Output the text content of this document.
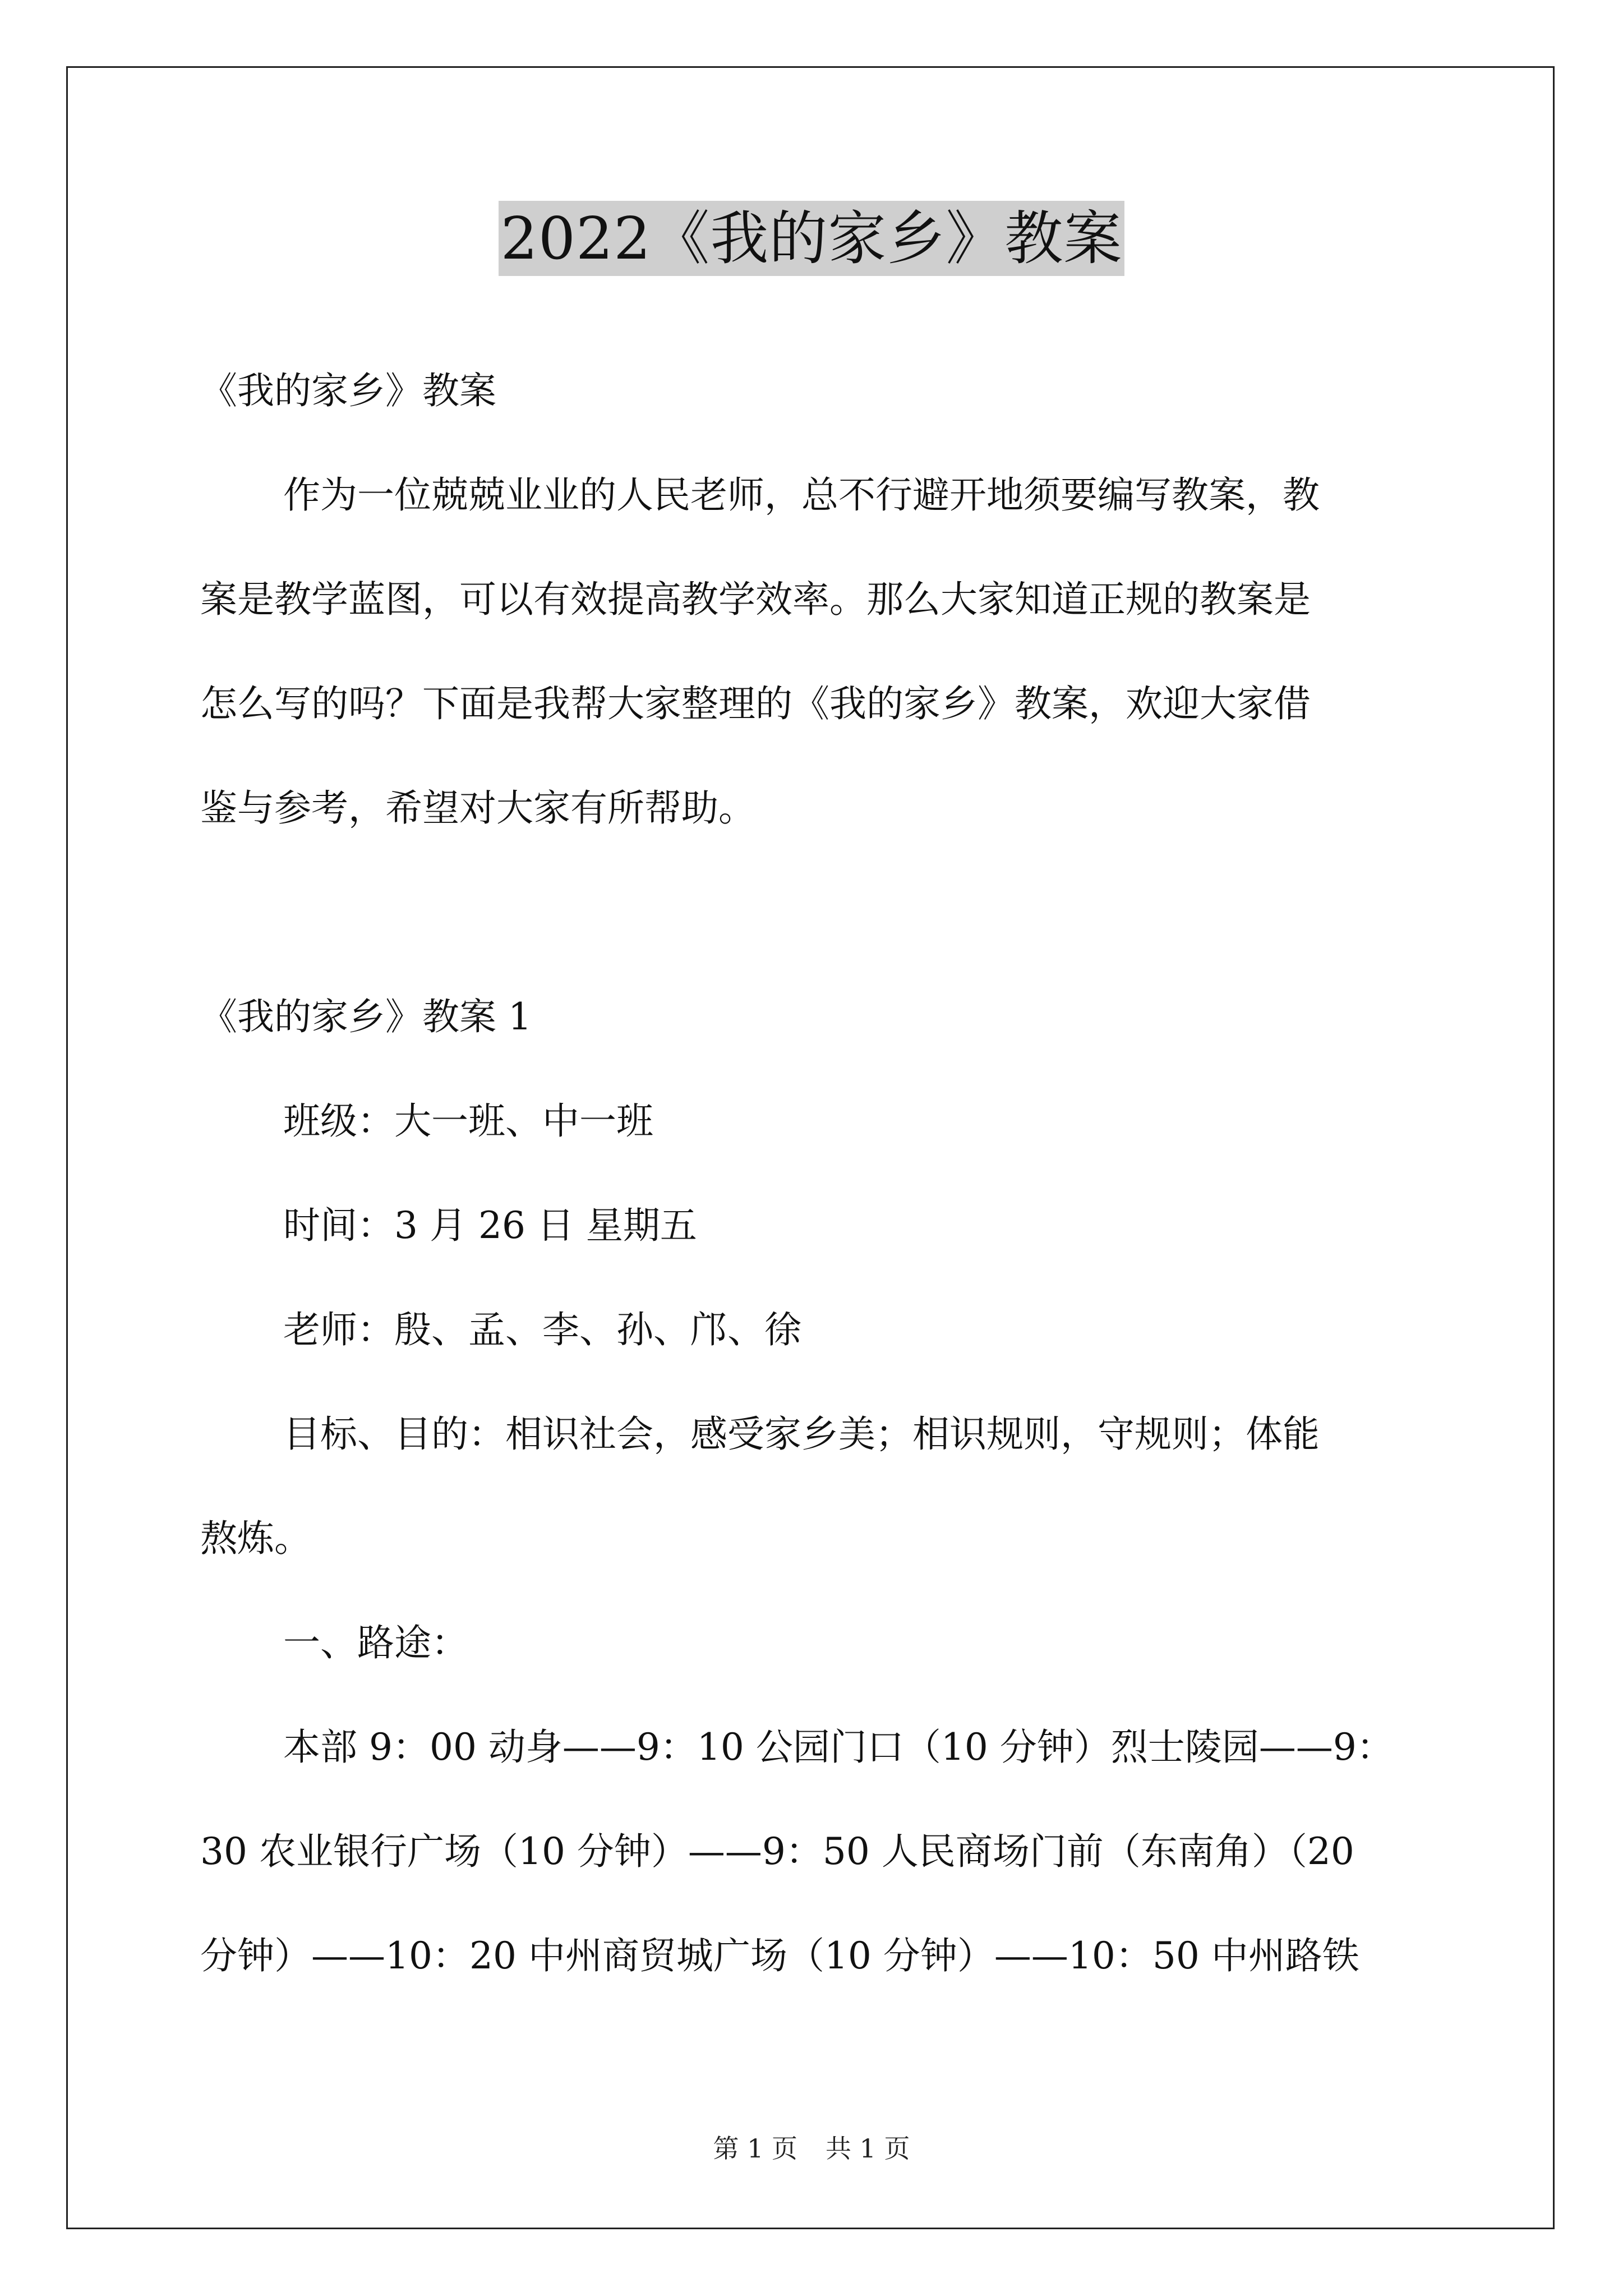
2022《我的家乡》教案

《我的家乡》教案

作为一位兢兢业业的人民老师，总不行避开地须要编写教案，教

案是教学蓝图，可以有效提高教学效率。那么大家知道正规的教案是

怎么写的吗？下面是我帮大家整理的《我的家乡》教案，欢迎大家借

鉴与参考，希望对大家有所帮助。

《我的家乡》教案 1

班级：大一班、中一班

时间：3 月 26 日 星期五

老师：殷、孟、李、孙、邝、徐

目标、目的：相识社会，感受家乡美；相识规则，守规则；体能

熬炼。

一、路途：

本部 9：00 动身——9：10 公园门口（10 分钟）烈士陵园——9：

30 农业银行广场（10 分钟）——9：50 人民商场门前（东南角）（20

分钟）——10：20 中州商贸城广场（10 分钟）——10：50 中州路铁

第 1 页 共 1 页
